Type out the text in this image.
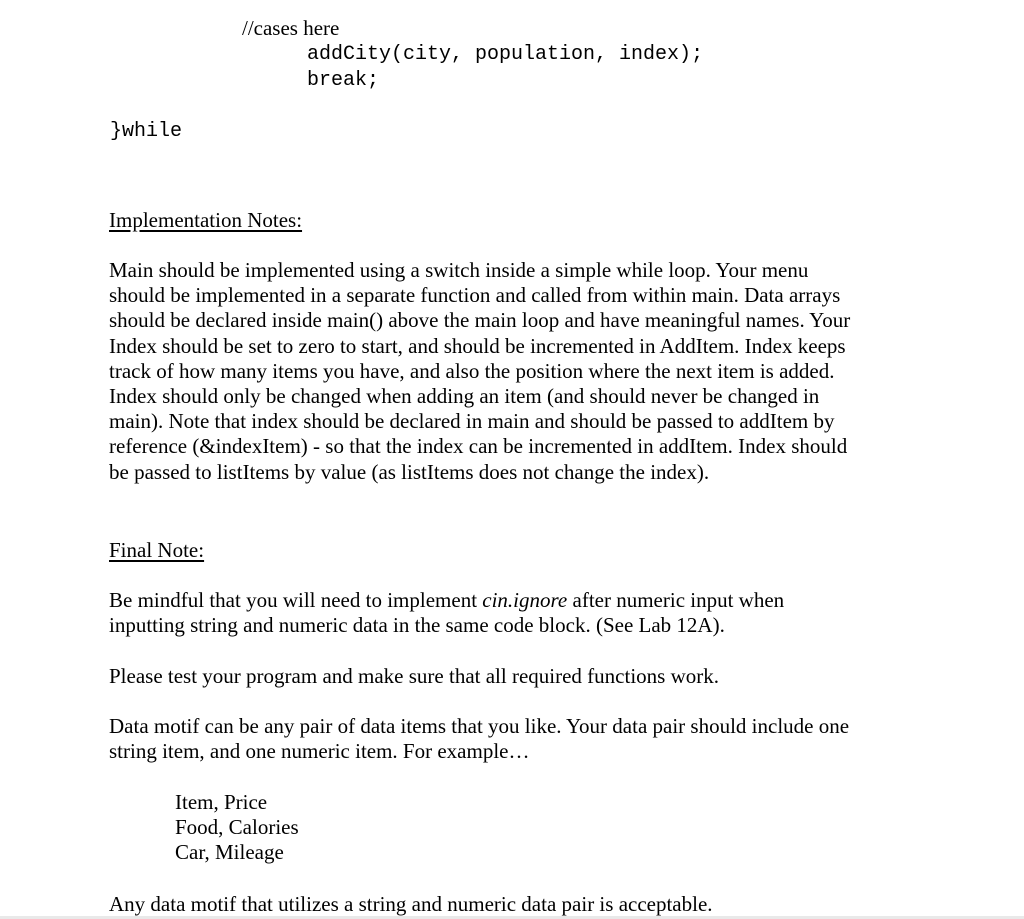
//cases here
addCity(city, population, index);
break;
}while
Implementation Notes:
Main should be implemented using a switch inside a simple while loop. Your menu
should be implemented in a separate function and called from within main. Data arrays
should be declared inside main() above the main loop and have meaningful names. Your
Index should be set to zero to start, and should be incremented in AddItem. Index keeps
track of how many items you have, and also the position where the next item is added.
Index should only be changed when adding an item (and should never be changed in
main). Note that index should be declared in main and should be passed to addItem by
reference (&indexItem) - so that the index can be incremented in addItem. Index should
be passed to listItems by value (as listItems does not change the index).
Final Note:
Be mindful that you will need to implement cin.ignore after numeric input when
inputting string and numeric data in the same code block. (See Lab 12A).
Please test your program and make sure that all required functions work.
Data motif can be any pair of data items that you like. Your data pair should include one
string item, and one numeric item. For example…
Item, Price
Food, Calories
Car, Mileage
Any data motif that utilizes a string and numeric data pair is acceptable.
